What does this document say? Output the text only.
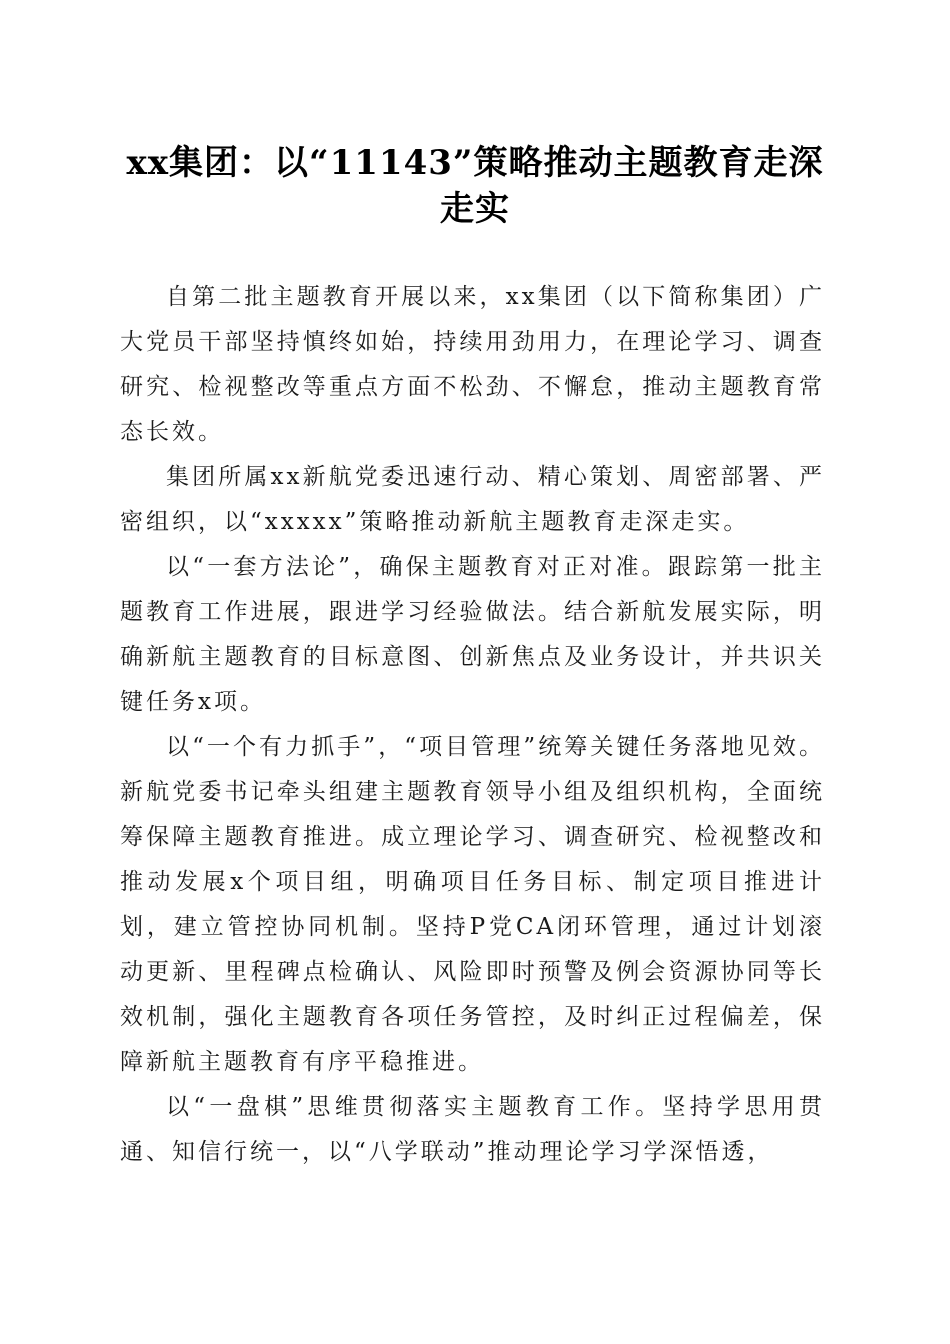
xx集团：以“11143”策略推动主题教育走深
走实

自第二批主题教育开展以来，xx集团（以下简称集团）广大党员干部坚持慎终如始，持续用劲用力，在理论学习、调查研究、检视整改等重点方面不松劲、不懈怠，推动主题教育常态长效。

集团所属xx新航党委迅速行动、精心策划、周密部署、严密组织，以“xxxxx”策略推动新航主题教育走深走实。

以“一套方法论”，确保主题教育对正对准。跟踪第一批主题教育工作进展，跟进学习经验做法。结合新航发展实际，明确新航主题教育的目标意图、创新焦点及业务设计，并共识关键任务x项。

以“一个有力抓手”，“项目管理”统筹关键任务落地见效。新航党委书记牵头组建主题教育领导小组及组织机构，全面统筹保障主题教育推进。成立理论学习、调查研究、检视整改和推动发展x个项目组，明确项目任务目标、制定项目推进计划，建立管控协同机制。坚持P党CA闭环管理，通过计划滚动更新、里程碑点检确认、风险即时预警及例会资源协同等长效机制，强化主题教育各项任务管控，及时纠正过程偏差，保障新航主题教育有序平稳推进。

以“一盘棋”思维贯彻落实主题教育工作。坚持学思用贯通、知信行统一，以“八学联动”推动理论学习学深悟透，
